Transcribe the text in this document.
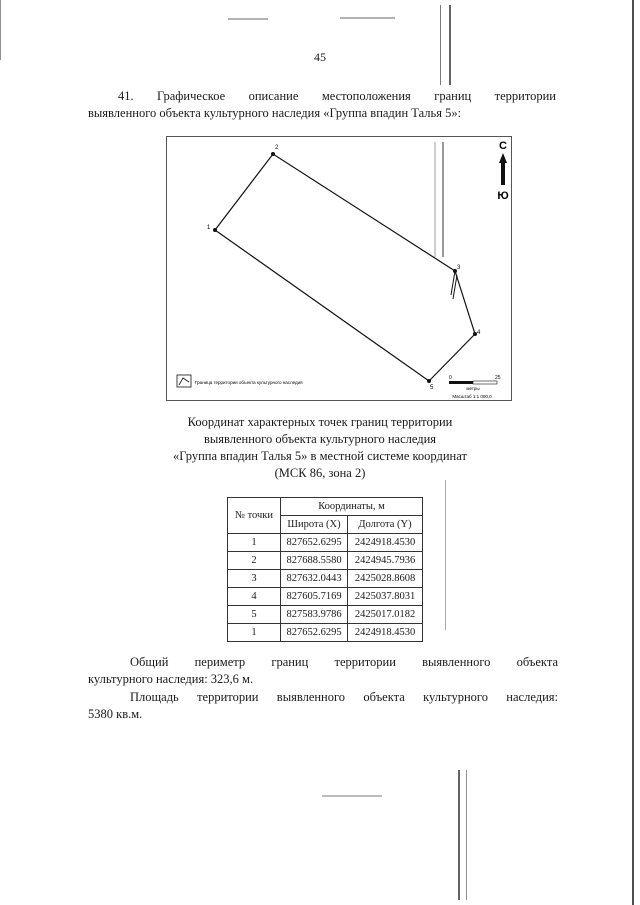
45
41. Графическое описание местоположения границ территории
выявленного объекта культурного наследия «Группа впадин Талья 5»:
1
2
3
4
5
С
Ю
Граница территории объекта культурного наследия
0	25
метры
Масштаб 1:1 000,0
Координат характерных точек границ территории
выявленного объекта культурного наследия
«Группа впадин Талья 5» в местной системе координат
(МСК 86, зона 2)
№ точки	Координаты, м	
	Широта (X)	Долгота (Y)
1	827652.6295	2424918.4530
2	827688.5580	2424945.7936
3	827632.0443	2425028.8608
4	827605.7169	2425037.8031
5	827583.9786	2425017.0182
1	827652.6295	2424918.4530
Общий периметр границ территории выявленного объекта
культурного наследия: 323,6 м.
Площадь территории выявленного объекта культурного наследия:
5380 кв.м.
